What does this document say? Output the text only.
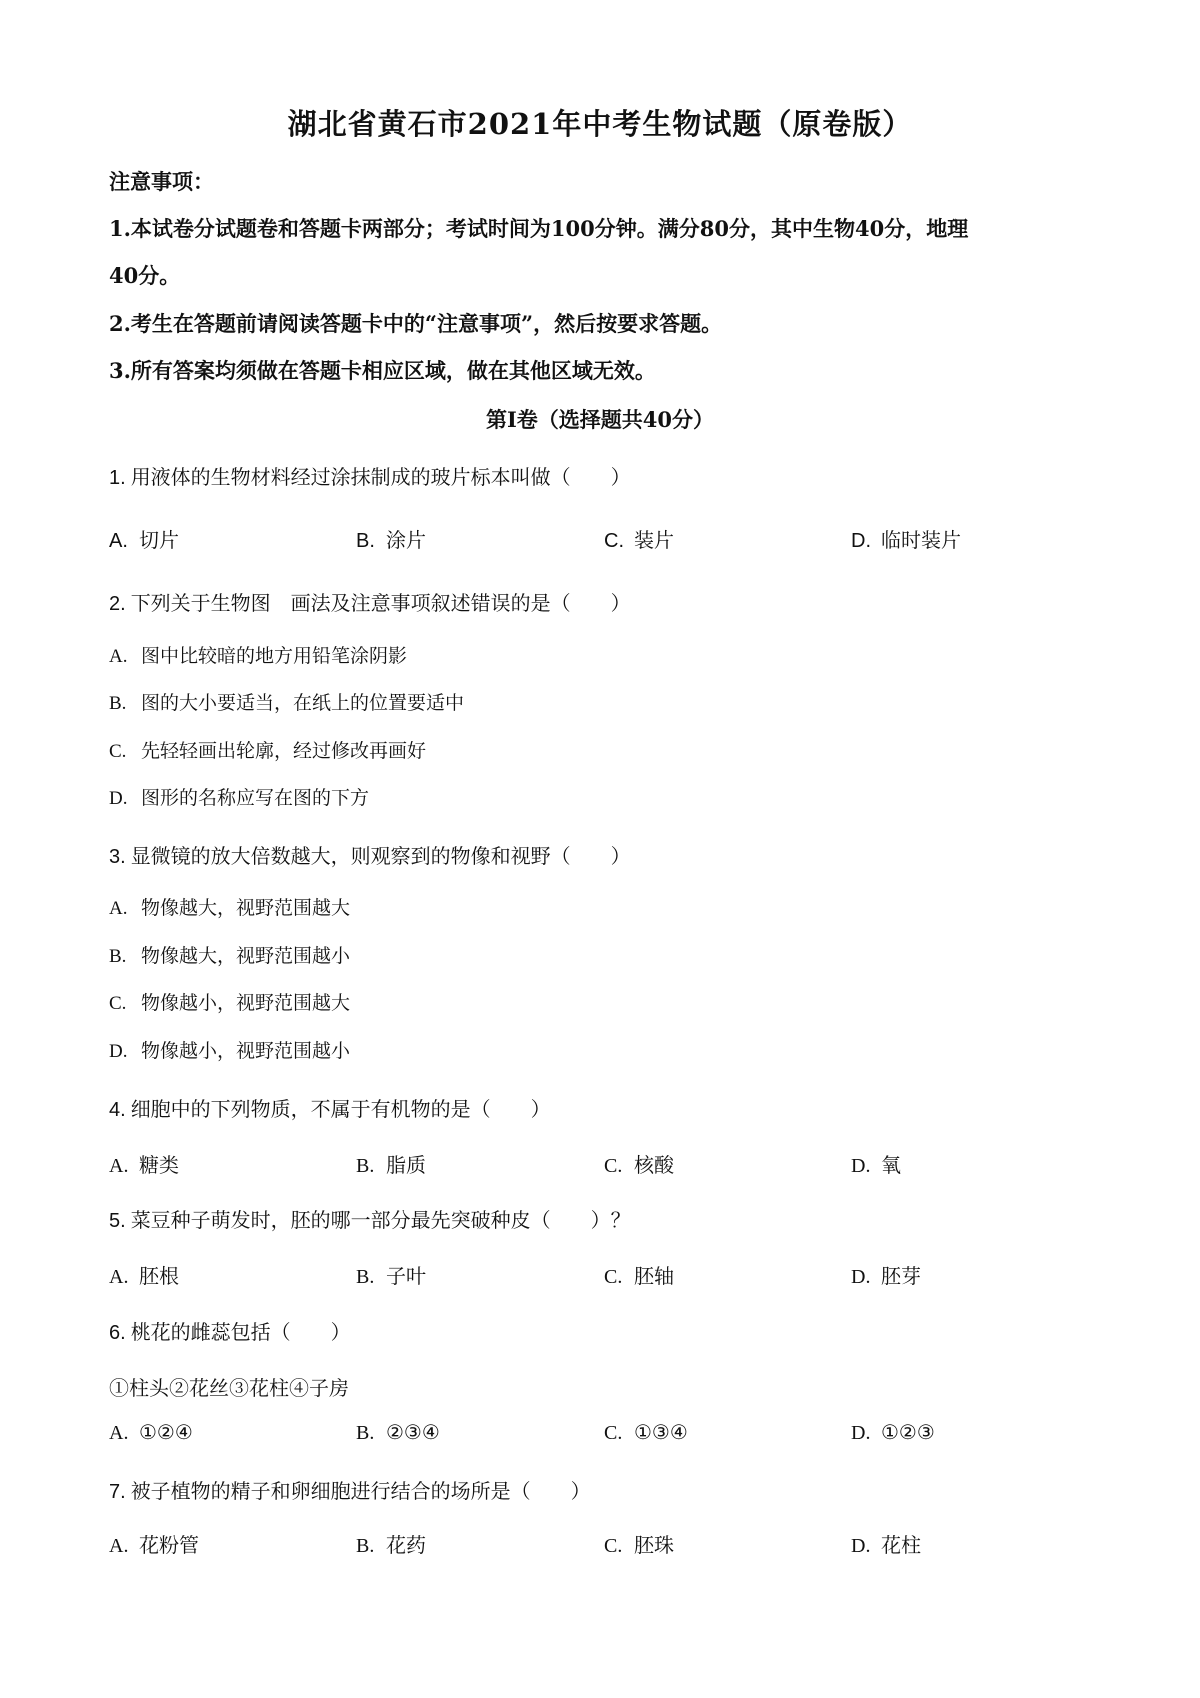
湖北省黄石市2021年中考生物试题（原卷版）
注意事项：
1.本试卷分试题卷和答题卡两部分；考试时间为100分钟。满分80分，其中生物40分，地理
40分。
2.考生在答题前请阅读答题卡中的“注意事项”，然后按要求答题。
3.所有答案均须做在答题卡相应区域，做在其他区域无效。
第Ⅰ卷（选择题共40分）
1. 用液体的生物材料经过涂抹制成的玻片标本叫做（　　）
A. 切片	B. 涂片	C. 装片	D. 临时装片
2. 下列关于生物图　画法及注意事项叙述错误的是（　　）
A. 图中比较暗的地方用铅笔涂阴影
B. 图的大小要适当，在纸上的位置要适中
C. 先轻轻画出轮廓，经过修改再画好
D. 图形的名称应写在图的下方
3. 显微镜的放大倍数越大，则观察到的物像和视野（　　）
A. 物像越大，视野范围越大
B. 物像越大，视野范围越小
C. 物像越小，视野范围越大
D. 物像越小，视野范围越小
4. 细胞中的下列物质，不属于有机物的是（　　）
A. 糖类	B. 脂质	C. 核酸	D. 氧
5. 菜豆种子萌发时，胚的哪一部分最先突破种皮（　　）？
A. 胚根	B. 子叶	C. 胚轴	D. 胚芽
6. 桃花的雌蕊包括（　　）
①柱头②花丝③花柱④子房
A. ①②④	B. ②③④	C. ①③④	D. ①②③
7. 被子植物的精子和卵细胞进行结合的场所是（　　）
A. 花粉管	B. 花药	C. 胚珠	D. 花柱
